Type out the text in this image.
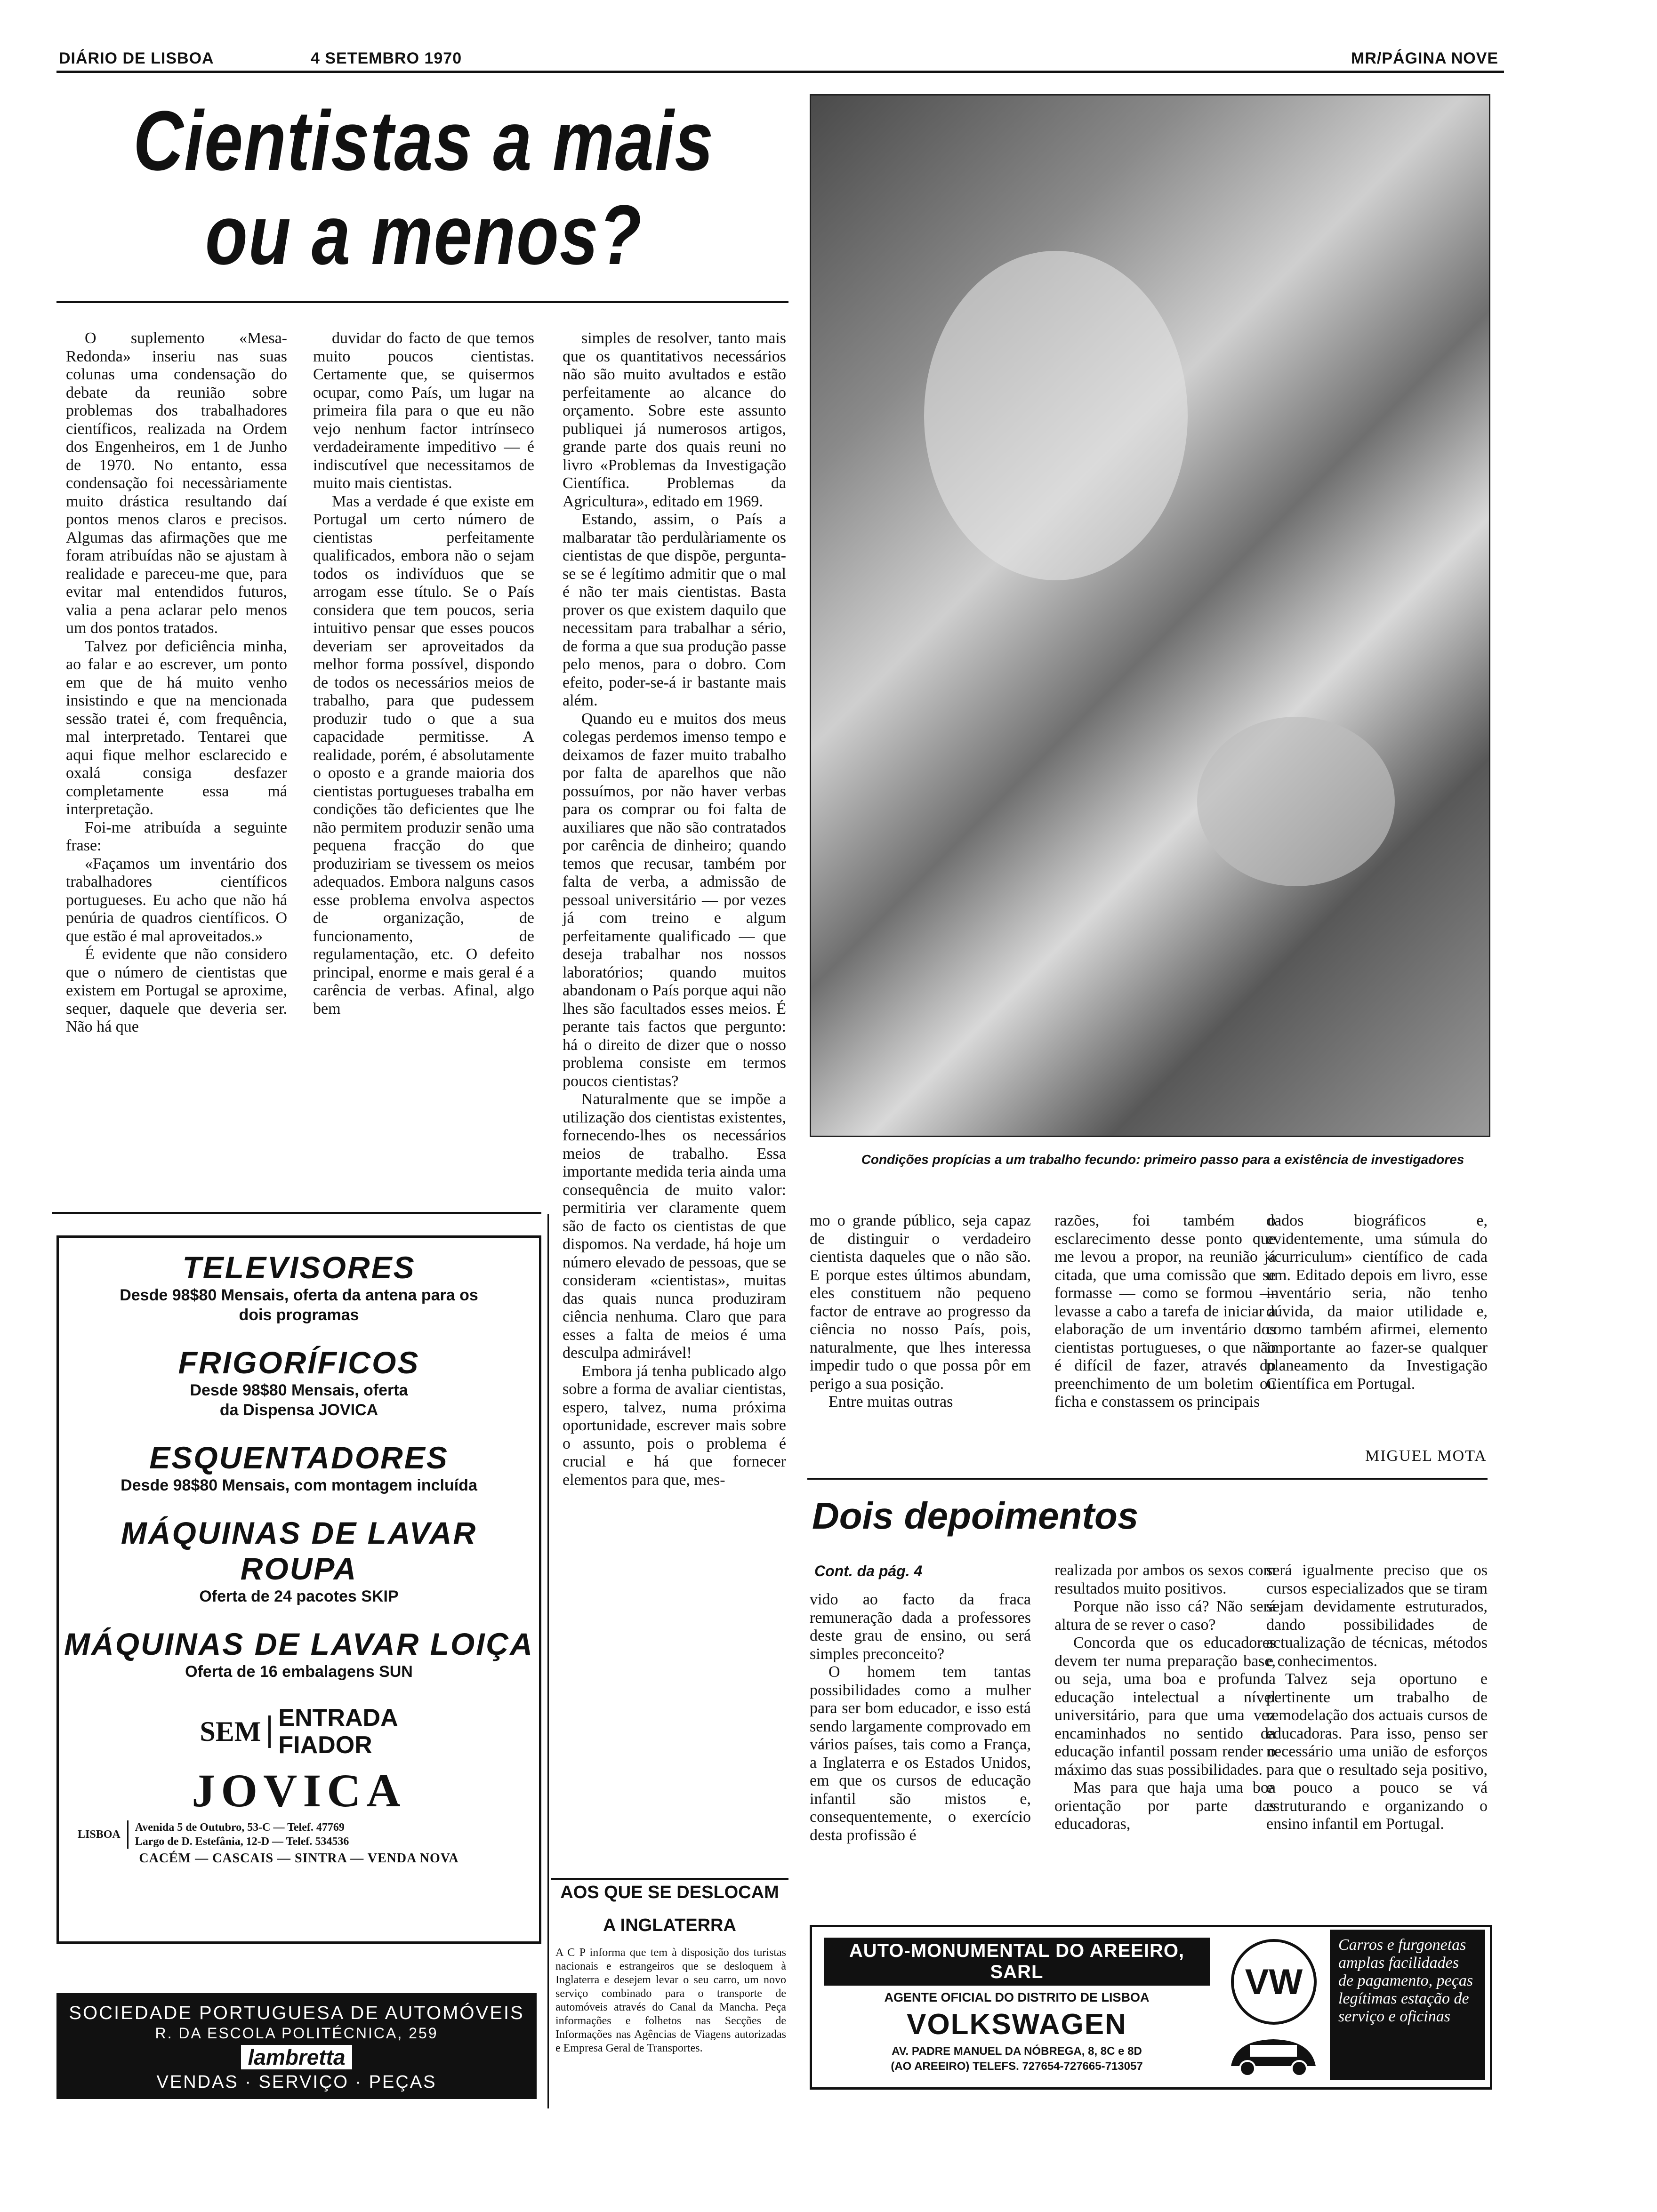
DIÁRIO DE LISBOA	4 SETEMBRO 1970	MR/PÁGINA NOVE
Cientistas a mais
ou a menos?
Condições propícias a um trabalho fecundo: primeiro passo para a existência de investigadores

O suplemento «Mesa-Redonda» inseriu nas suas colunas uma condensação do debate da reunião sobre problemas dos trabalhadores científicos, realizada na Ordem dos Engenheiros, em 1 de Junho de 1970. No entanto, essa condensação foi necessàriamente muito drástica resultando daí pontos menos claros e precisos. Algumas das afirmações que me foram atribuídas não se ajustam à realidade e pareceu-me que, para evitar mal entendidos futuros, valia a pena aclarar pelo menos um dos pontos tratados.

Talvez por deficiência minha, ao falar e ao escrever, um ponto em que de há muito venho insistindo e que na mencionada sessão tratei é, com frequência, mal interpretado. Tentarei que aqui fique melhor esclarecido e oxalá consiga desfazer completamente essa má interpretação.

Foi-me atribuída a seguinte frase:

«Façamos um inventário dos trabalhadores científicos portugueses. Eu acho que não há penúria de quadros científicos. O que estão é mal aproveitados.»

É evidente que não considero que o número de cientistas que existem em Portugal se aproxime, sequer, daquele que deveria ser. Não há que

duvidar do facto de que temos muito poucos cientistas. Certamente que, se quisermos ocupar, como País, um lugar na primeira fila para o que eu não vejo nenhum factor intrínseco verdadeiramente impeditivo — é indiscutível que necessitamos de muito mais cientistas.

Mas a verdade é que existe em Portugal um certo número de cientistas perfeitamente qualificados, embora não o sejam todos os indivíduos que se arrogam esse título. Se o País considera que tem poucos, seria intuitivo pensar que esses poucos deveriam ser aproveitados da melhor forma possível, dispondo de todos os necessários meios de trabalho, para que pudessem produzir tudo o que a sua capacidade permitisse. A realidade, porém, é absolutamente o oposto e a grande maioria dos cientistas portugueses trabalha em condições tão deficientes que lhe não permitem produzir senão uma pequena fracção do que produziriam se tivessem os meios adequados. Embora nalguns casos esse problema envolva aspectos de organização, de funcionamento, de regulamentação, etc. O defeito principal, enorme e mais geral é a carência de verbas. Afinal, algo bem

simples de resolver, tanto mais que os quantitativos necessários não são muito avultados e estão perfeitamente ao alcance do orçamento. Sobre este assunto publiquei já numerosos artigos, grande parte dos quais reuni no livro «Problemas da Investigação Científica. Problemas da Agricultura», editado em 1969.

Estando, assim, o País a malbaratar tão perdulàriamente os cientistas de que dispõe, pergunta-se se é legítimo admitir que o mal é não ter mais cientistas. Basta prover os que existem daquilo que necessitam para trabalhar a sério, de forma a que sua produção passe pelo menos, para o dobro. Com efeito, poder-se-á ir bastante mais além.

Quando eu e muitos dos meus colegas perdemos imenso tempo e deixamos de fazer muito trabalho por falta de aparelhos que não possuímos, por não haver verbas para os comprar ou foi falta de auxiliares que não são contratados por carência de dinheiro; quando temos que recusar, também por falta de verba, a admissão de pessoal universitário — por vezes já com treino e algum perfeitamente qualificado — que deseja trabalhar nos nossos laboratórios; quando muitos abandonam o País porque aqui não lhes são facultados esses meios. É perante tais factos que pergunto: há o direito de dizer que o nosso problema consiste em termos poucos cientistas?

Naturalmente que se impõe a utilização dos cientistas existentes, fornecendo-lhes os necessários meios de trabalho. Essa importante medida teria ainda uma consequência de muito valor: permitiria ver claramente quem são de facto os cientistas de que dispomos. Na verdade, há hoje um número elevado de pessoas, que se consideram «cientistas», muitas das quais nunca produziram ciência nenhuma. Claro que para esses a falta de meios é uma desculpa admirável!

Embora já tenha publicado algo sobre a forma de avaliar cientistas, espero, talvez, numa próxima oportunidade, escrever mais sobre o assunto, pois o problema é crucial e há que fornecer elementos para que, mes-

mo o grande público, seja capaz de distinguir o verdadeiro cientista daqueles que o não são. E porque estes últimos abundam, eles constituem não pequeno factor de entrave ao progresso da ciência no nosso País, pois, naturalmente, que lhes interessa impedir tudo o que possa pôr em perigo a sua posição.

Entre muitas outras

razões, foi também o esclarecimento desse ponto que me levou a propor, na reunião já citada, que uma comissão que se formasse — como se formou — levasse a cabo a tarefa de iniciar a elaboração de um inventário dos cientistas portugueses, o que não é difícil de fazer, através do preenchimento de um boletim ou ficha e constassem os principais

dados biográficos e, evidentemente, uma súmula do «curriculum» científico de cada um. Editado depois em livro, esse inventário seria, não tenho dúvida, da maior utilidade e, como também afirmei, elemento importante ao fazer-se qualquer planeamento da Investigação Científica em Portugal.

MIGUEL MOTA
Dois depoimentos
Cont. da pág. 4

vido ao facto da fraca remuneração dada a professores deste grau de ensino, ou será simples preconceito?

O homem tem tantas possibilidades como a mulher para ser bom educador, e isso está sendo largamente comprovado em vários países, tais como a França, a Inglaterra e os Estados Unidos, em que os cursos de educação infantil são mistos e, consequentemente, o exercício desta profissão é

realizada por ambos os sexos com resultados muito positivos.

Porque não isso cá? Não será altura de se rever o caso?

Concorda que os educadores devem ter numa preparação base, ou seja, uma boa e profunda educação intelectual a nível universitário, para que uma vez encaminhados no sentido da educação infantil possam render o máximo das suas possibilidades.

Mas para que haja uma boa orientação por parte das educadoras,

será igualmente preciso que os cursos especializados que se tiram sejam devidamente estruturados, dando possibilidades de actualização de técnicas, métodos e conhecimentos.

Talvez seja oportuno e pertinente um trabalho de remodelação dos actuais cursos de educadoras. Para isso, penso ser necessário uma união de esforços para que o resultado seja positivo, e pouco a pouco se vá estruturando e organizando o ensino infantil em Portugal.

TELEVISORES
Desde 98$80 Mensais, oferta da antena para os dois programas
FRIGORÍFICOS
Desde 98$80 Mensais, oferta da Dispensa JOVICA
ESQUENTADORES
Desde 98$80 Mensais, com montagem incluída
MÁQUINAS DE LAVAR ROUPA
Oferta de 24 pacotes SKIP
MÁQUINAS DE LAVAR LOIÇA
Oferta de 16 embalagens SUN
SEM ENTRADA
FIADOR
JOVICA
LISBOA
Avenida 5 de Outubro, 53-C — Telef. 47769
Largo de D. Estefânia, 12-D — Telef. 534536
CACÉM — CASCAIS — SINTRA — VENDA NOVA
SOCIEDADE PORTUGUESA DE AUTOMÓVEIS
R. DA ESCOLA POLITÉCNICA, 259
lambretta
VENDAS · SERVIÇO · PEÇAS
AOS QUE SE DESLOCAM
A INGLATERRA
A C P informa que tem à disposição dos turistas nacionais e estrangeiros que se desloquem à Inglaterra e desejem levar o seu carro, um novo serviço combinado para o transporte de automóveis através do Canal da Mancha. Peça informações e folhetos nas Secções de Informações nas Agências de Viagens autorizadas e Empresa Geral de Transportes.
AUTO-MONUMENTAL DO AREEIRO, SARL
AGENTE OFICIAL DO DISTRITO DE LISBOA
VOLKSWAGEN
AV. PADRE MANUEL DA NÓBREGA, 8, 8C e 8D
(AO AREEIRO) TELEFS. 727654-727665-713057
VW
Carros e furgonetas amplas facilidades de pagamento, peças legítimas estação de serviço e oficinas
